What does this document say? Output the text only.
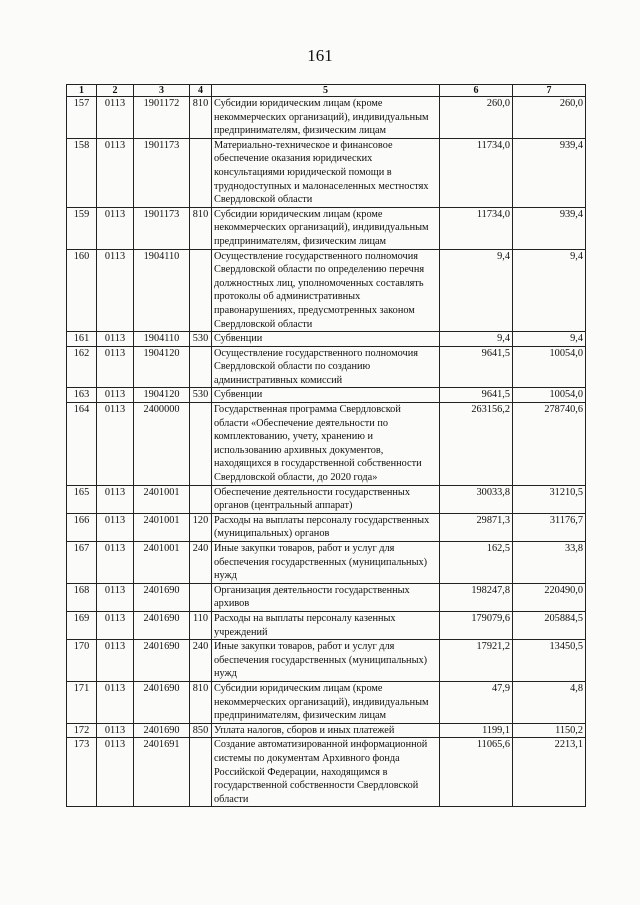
161
1	2	3	4	5	6	7
157	0113	1901172	810	Субсидии юридическим лицам (кроме некоммерческих организаций), индивидуальным предпринимателям, физическим лицам	260,0	260,0
158	0113	1901173		Материально-техническое и финансовое обеспечение оказания юридических консультациями юридической помощи в труднодоступных и малонаселенных местностях Свердловской области	11734,0	939,4
159	0113	1901173	810	Субсидии юридическим лицам (кроме некоммерческих организаций), индивидуальным предпринимателям, физическим лицам	11734,0	939,4
160	0113	1904110		Осуществление государственного полномочия Свердловской области по определению перечня должностных лиц, уполномоченных составлять протоколы об административных правонарушениях, предусмотренных законом Свердловской области	9,4	9,4
161	0113	1904110	530	Субвенции	9,4	9,4
162	0113	1904120		Осуществление государственного полномочия Свердловской области по созданию административных комиссий	9641,5	10054,0
163	0113	1904120	530	Субвенции	9641,5	10054,0
164	0113	2400000		Государственная программа Свердловской области «Обеспечение деятельности по комплектованию, учету, хранению и использованию архивных документов, находящихся в государственной собственности Свердловской области, до 2020 года»	263156,2	278740,6
165	0113	2401001		Обеспечение деятельности государственных органов (центральный аппарат)	30033,8	31210,5
166	0113	2401001	120	Расходы на выплаты персоналу государственных (муниципальных) органов	29871,3	31176,7
167	0113	2401001	240	Иные закупки товаров, работ и услуг для обеспечения государственных (муниципальных) нужд	162,5	33,8
168	0113	2401690		Организация деятельности государственных архивов	198247,8	220490,0
169	0113	2401690	110	Расходы на выплаты персоналу казенных учреждений	179079,6	205884,5
170	0113	2401690	240	Иные закупки товаров, работ и услуг для обеспечения государственных (муниципальных) нужд	17921,2	13450,5
171	0113	2401690	810	Субсидии юридическим лицам (кроме некоммерческих организаций), индивидуальным предпринимателям, физическим лицам	47,9	4,8
172	0113	2401690	850	Уплата налогов, сборов и иных платежей	1199,1	1150,2
173	0113	2401691		Создание автоматизированной информационной системы по документам Архивного фонда Российской Федерации, находящимся в государственной собственности Свердловской области	11065,6	2213,1
